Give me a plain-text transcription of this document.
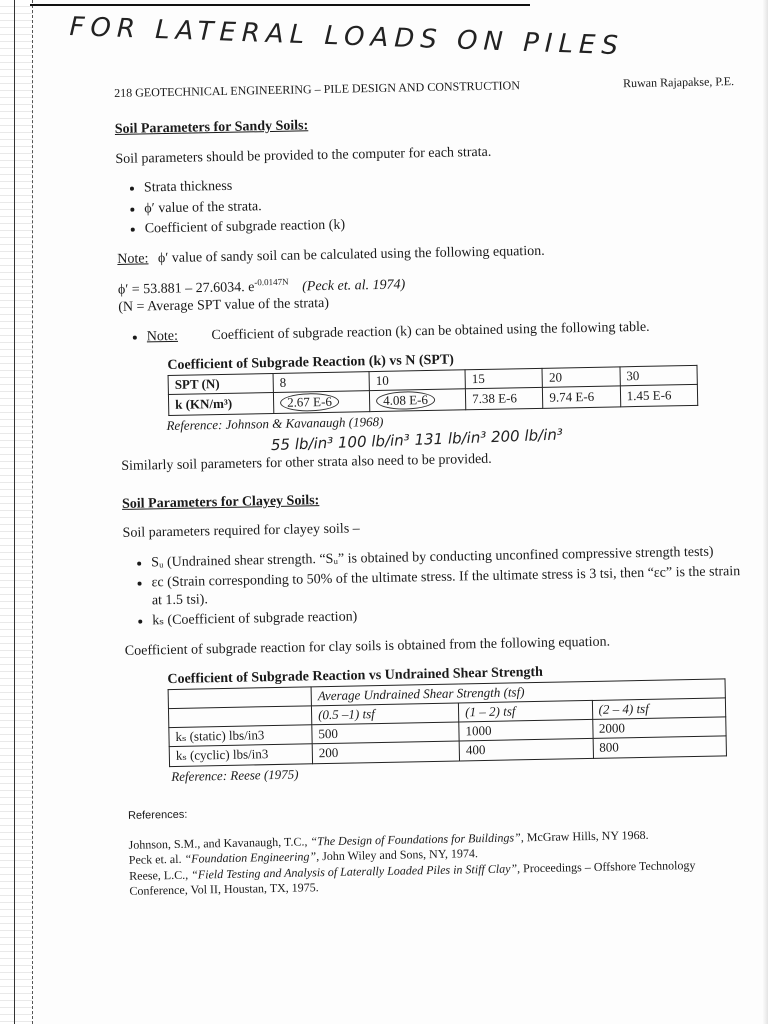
FOR LATERAL LOADS ON PILES
218 GEOTECHNICAL ENGINEERING – PILE DESIGN AND CONSTRUCTION	Ruwan Rajapakse, P.E.
Soil Parameters for Sandy Soils:

Soil parameters should be provided to the computer for each strata.

• Strata thickness
• ϕ′ value of the strata.
• Coefficient of subgrade reaction (k)

Note: ϕ′ value of sandy soil can be calculated using the following equation.

ϕ′ = 53.881 – 27.6034. $e^{-0.0147N}$ (Peck et. al. 1974)

(N = Average SPT value of the strata)

• Note: Coefficient of subgrade reaction (k) can be obtained using the following table.
Coefficient of Subgrade Reaction (k) vs N (SPT)
SPT (N)	8	10	15	20	30
k (KN/m³)	2.67 E-6	4.08 E-6	7.38 E-6	9.74 E-6	1.45 E-6
Reference: Johnson & Kavanaugh (1968)
55 lb/in³ 100 lb/in³ 131 lb/in³ 200 lb/in³

Similarly soil parameters for other strata also need to be provided.

Soil Parameters for Clayey Soils:

Soil parameters required for clayey soils –

• Sᵤ (Undrained shear strength. “Sᵤ” is obtained by conducting unconfined compressive strength tests)
• εc (Strain corresponding to 50% of the ultimate stress. If the ultimate stress is 3 tsi, then “εc” is the strain at 1.5 tsi).
• kₛ (Coefficient of subgrade reaction)

Coefficient of subgrade reaction for clay soils is obtained from the following equation.

Coefficient of Subgrade Reaction vs Undrained Shear Strength
	Average Undrained Shear Strength (tsf)		
	(0.5 –1) tsf	(1 – 2) tsf	(2 – 4) tsf
kₛ (static) lbs/in3	500	1000	2000
kₛ (cyclic) lbs/in3	200	400	800
Reference: Reese (1975)
References:

Johnson, S.M., and Kavanaugh, T.C., “The Design of Foundations for Buildings”, McGraw Hills, NY 1968.

Peck et. al. “Foundation Engineering”, John Wiley and Sons, NY, 1974.

Reese, L.C., “Field Testing and Analysis of Laterally Loaded Piles in Stiff Clay”, Proceedings – Offshore Technology Conference, Vol II, Houstan, TX, 1975.
